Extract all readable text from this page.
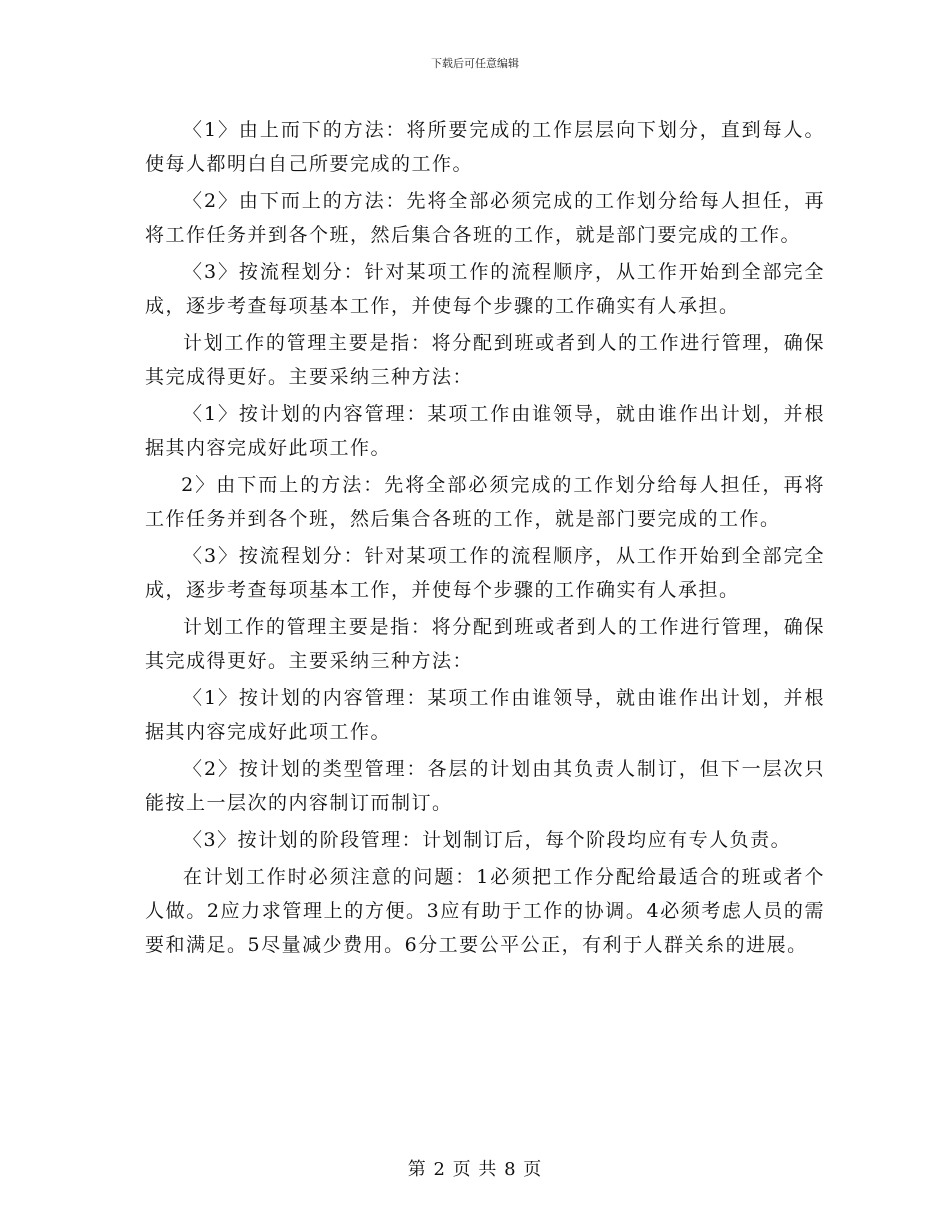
下载后可任意编辑

〈1〉由上而下的方法：将所要完成的工作层层向下划分，直到每人。使每人都明白自己所要完成的工作。

〈2〉由下而上的方法：先将全部必须完成的工作划分给每人担任，再将工作任务并到各个班，然后集合各班的工作，就是部门要完成的工作。

〈3〉按流程划分：针对某项工作的流程顺序，从工作开始到全部完全成，逐步考查每项基本工作，并使每个步骤的工作确实有人承担。

计划工作的管理主要是指：将分配到班或者到人的工作进行管理，确保其完成得更好。主要采纳三种方法：

〈1〉按计划的内容管理：某项工作由谁领导，就由谁作出计划，并根据其内容完成好此项工作。

2〉由下而上的方法：先将全部必须完成的工作划分给每人担任，再将工作任务并到各个班，然后集合各班的工作，就是部门要完成的工作。

〈3〉按流程划分：针对某项工作的流程顺序，从工作开始到全部完全成，逐步考查每项基本工作，并使每个步骤的工作确实有人承担。

计划工作的管理主要是指：将分配到班或者到人的工作进行管理，确保其完成得更好。主要采纳三种方法：

〈1〉按计划的内容管理：某项工作由谁领导，就由谁作出计划，并根据其内容完成好此项工作。

〈2〉按计划的类型管理：各层的计划由其负责人制订，但下一层次只能按上一层次的内容制订而制订。

〈3〉按计划的阶段管理：计划制订后，每个阶段均应有专人负责。

在计划工作时必须注意的问题：1必须把工作分配给最适合的班或者个人做。2应力求管理上的方便。3应有助于工作的协调。4必须考虑人员的需要和满足。5尽量减少费用。6分工要公平公正，有利于人群关糸的进展。

第 2 页 共 8 页
